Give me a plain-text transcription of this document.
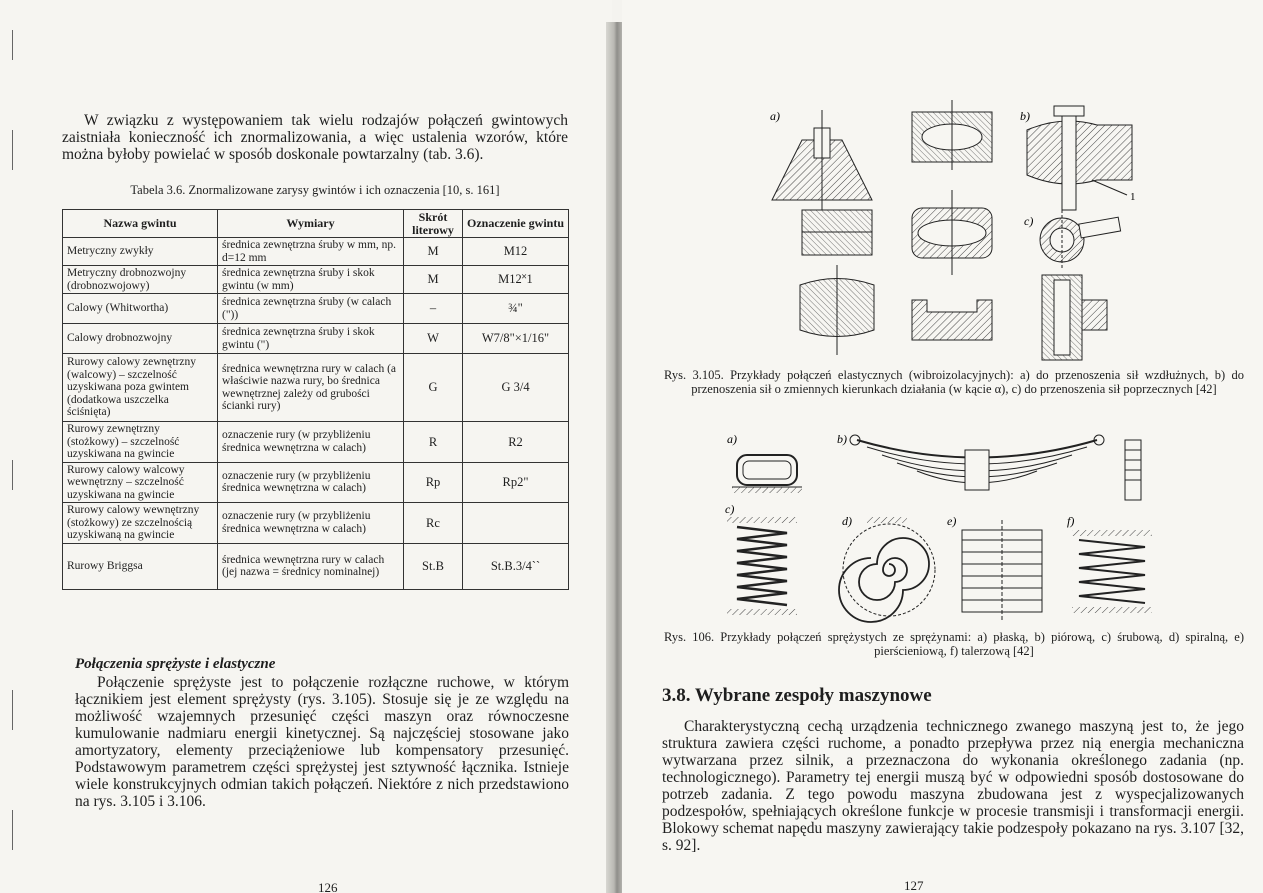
W związku z występowaniem tak wielu rodzajów połączeń gwintowych zaistniała konieczność ich znormalizowania, a więc ustalenia wzorów, które można byłoby powielać w sposób doskonale powtarzalny (tab. 3.6).

Tabela 3.6. Znormalizowane zarysy gwintów i ich oznaczenia [10, s. 161]

Nazwa gwintu	Wymiary	Skrót literowy	Oznaczenie gwintu
Metryczny zwykły	średnica zewnętrzna śruby w mm, np. d=12 mm	M	M12
Metryczny drobnozwojny (drobnozwojowy)	średnica zewnętrzna śruby i skok gwintu (w mm)	M	M12˟1
Calowy (Whitwortha)	średnica zewnętrzna śruby (w calach ("))	–	¾"
Calowy drobnozwojny	średnica zewnętrzna śruby i skok gwintu (")	W	W7/8"×1/16"
Rurowy calowy zewnętrzny (walcowy) – szczelność uzyskiwana poza gwintem (dodatkowa uszczelka ściśnięta)	średnica wewnętrzna rury w calach (a właściwie nazwa rury, bo średnica wewnętrznej zależy od grubości ścianki rury)	G	G 3/4
Rurowy zewnętrzny (stożkowy) – szczelność uzyskiwana na gwincie	oznaczenie rury (w przybliżeniu średnica wewnętrzna w calach)	R	R2
Rurowy calowy walcowy wewnętrzny – szczelność uzyskiwana na gwincie	oznaczenie rury (w przybliżeniu średnica wewnętrzna w calach)	Rp	Rp2"
Rurowy calowy wewnętrzny (stożkowy) ze szczelnością uzyskiwaną na gwincie	oznaczenie rury (w przybliżeniu średnica wewnętrzna w calach)	Rc	
Rurowy Briggsa	średnica wewnętrzna rury w calach (jej nazwa = średnicy nominalnej)	St.B	St.B.3/4``

Połączenia sprężyste i elastyczne

Połączenie sprężyste jest to połączenie rozłączne ruchowe, w którym łącznikiem jest element sprężysty (rys. 3.105). Stosuje się je ze względu na możliwość wzajemnych przesunięć części maszyn oraz równoczesne kumulowanie nadmiaru energii kinetycznej. Są najczęściej stosowane jako amortyzatory, elementy przeciążeniowe lub kompensatory przesunięć. Podstawowym parametrem części sprężystej jest sztywność łącznika. Istnieje wiele konstrukcyjnych odmian takich połączeń. Niektóre z nich przedstawiono na rys. 3.105 i 3.106.

126
a)	b)
1
c)

Rys. 3.105. Przykłady połączeń elastycznych (wibroizolacyjnych): a) do przenoszenia sił wzdłużnych, b) do przenoszenia sił o zmiennych kierunkach działania (w kącie α), c) do przenoszenia sił poprzecznych [42]

a)	b)
c)
d)	e)	f)

Rys. 106. Przykłady połączeń sprężystych ze sprężynami: a) płaską, b) piórową, c) śrubową, d) spiralną, e) pierścieniową, f) talerzową [42]

3.8. Wybrane zespoły maszynowe

Charakterystyczną cechą urządzenia technicznego zwanego maszyną jest to, że jego struktura zawiera części ruchome, a ponadto przepływa przez nią energia mechaniczna wytwarzana przez silnik, a przeznaczona do wykonania określonego zadania (np. technologicznego). Parametry tej energii muszą być w odpowiedni sposób dostosowane do potrzeb zadania. Z tego powodu maszyna zbudowana jest z wyspecjalizowanych podzespołów, spełniających określone funkcje w procesie transmisji i transformacji energii. Blokowy schemat napędu maszyny zawierający takie podzespoły pokazano na rys. 3.107 [32, s. 92].

127
